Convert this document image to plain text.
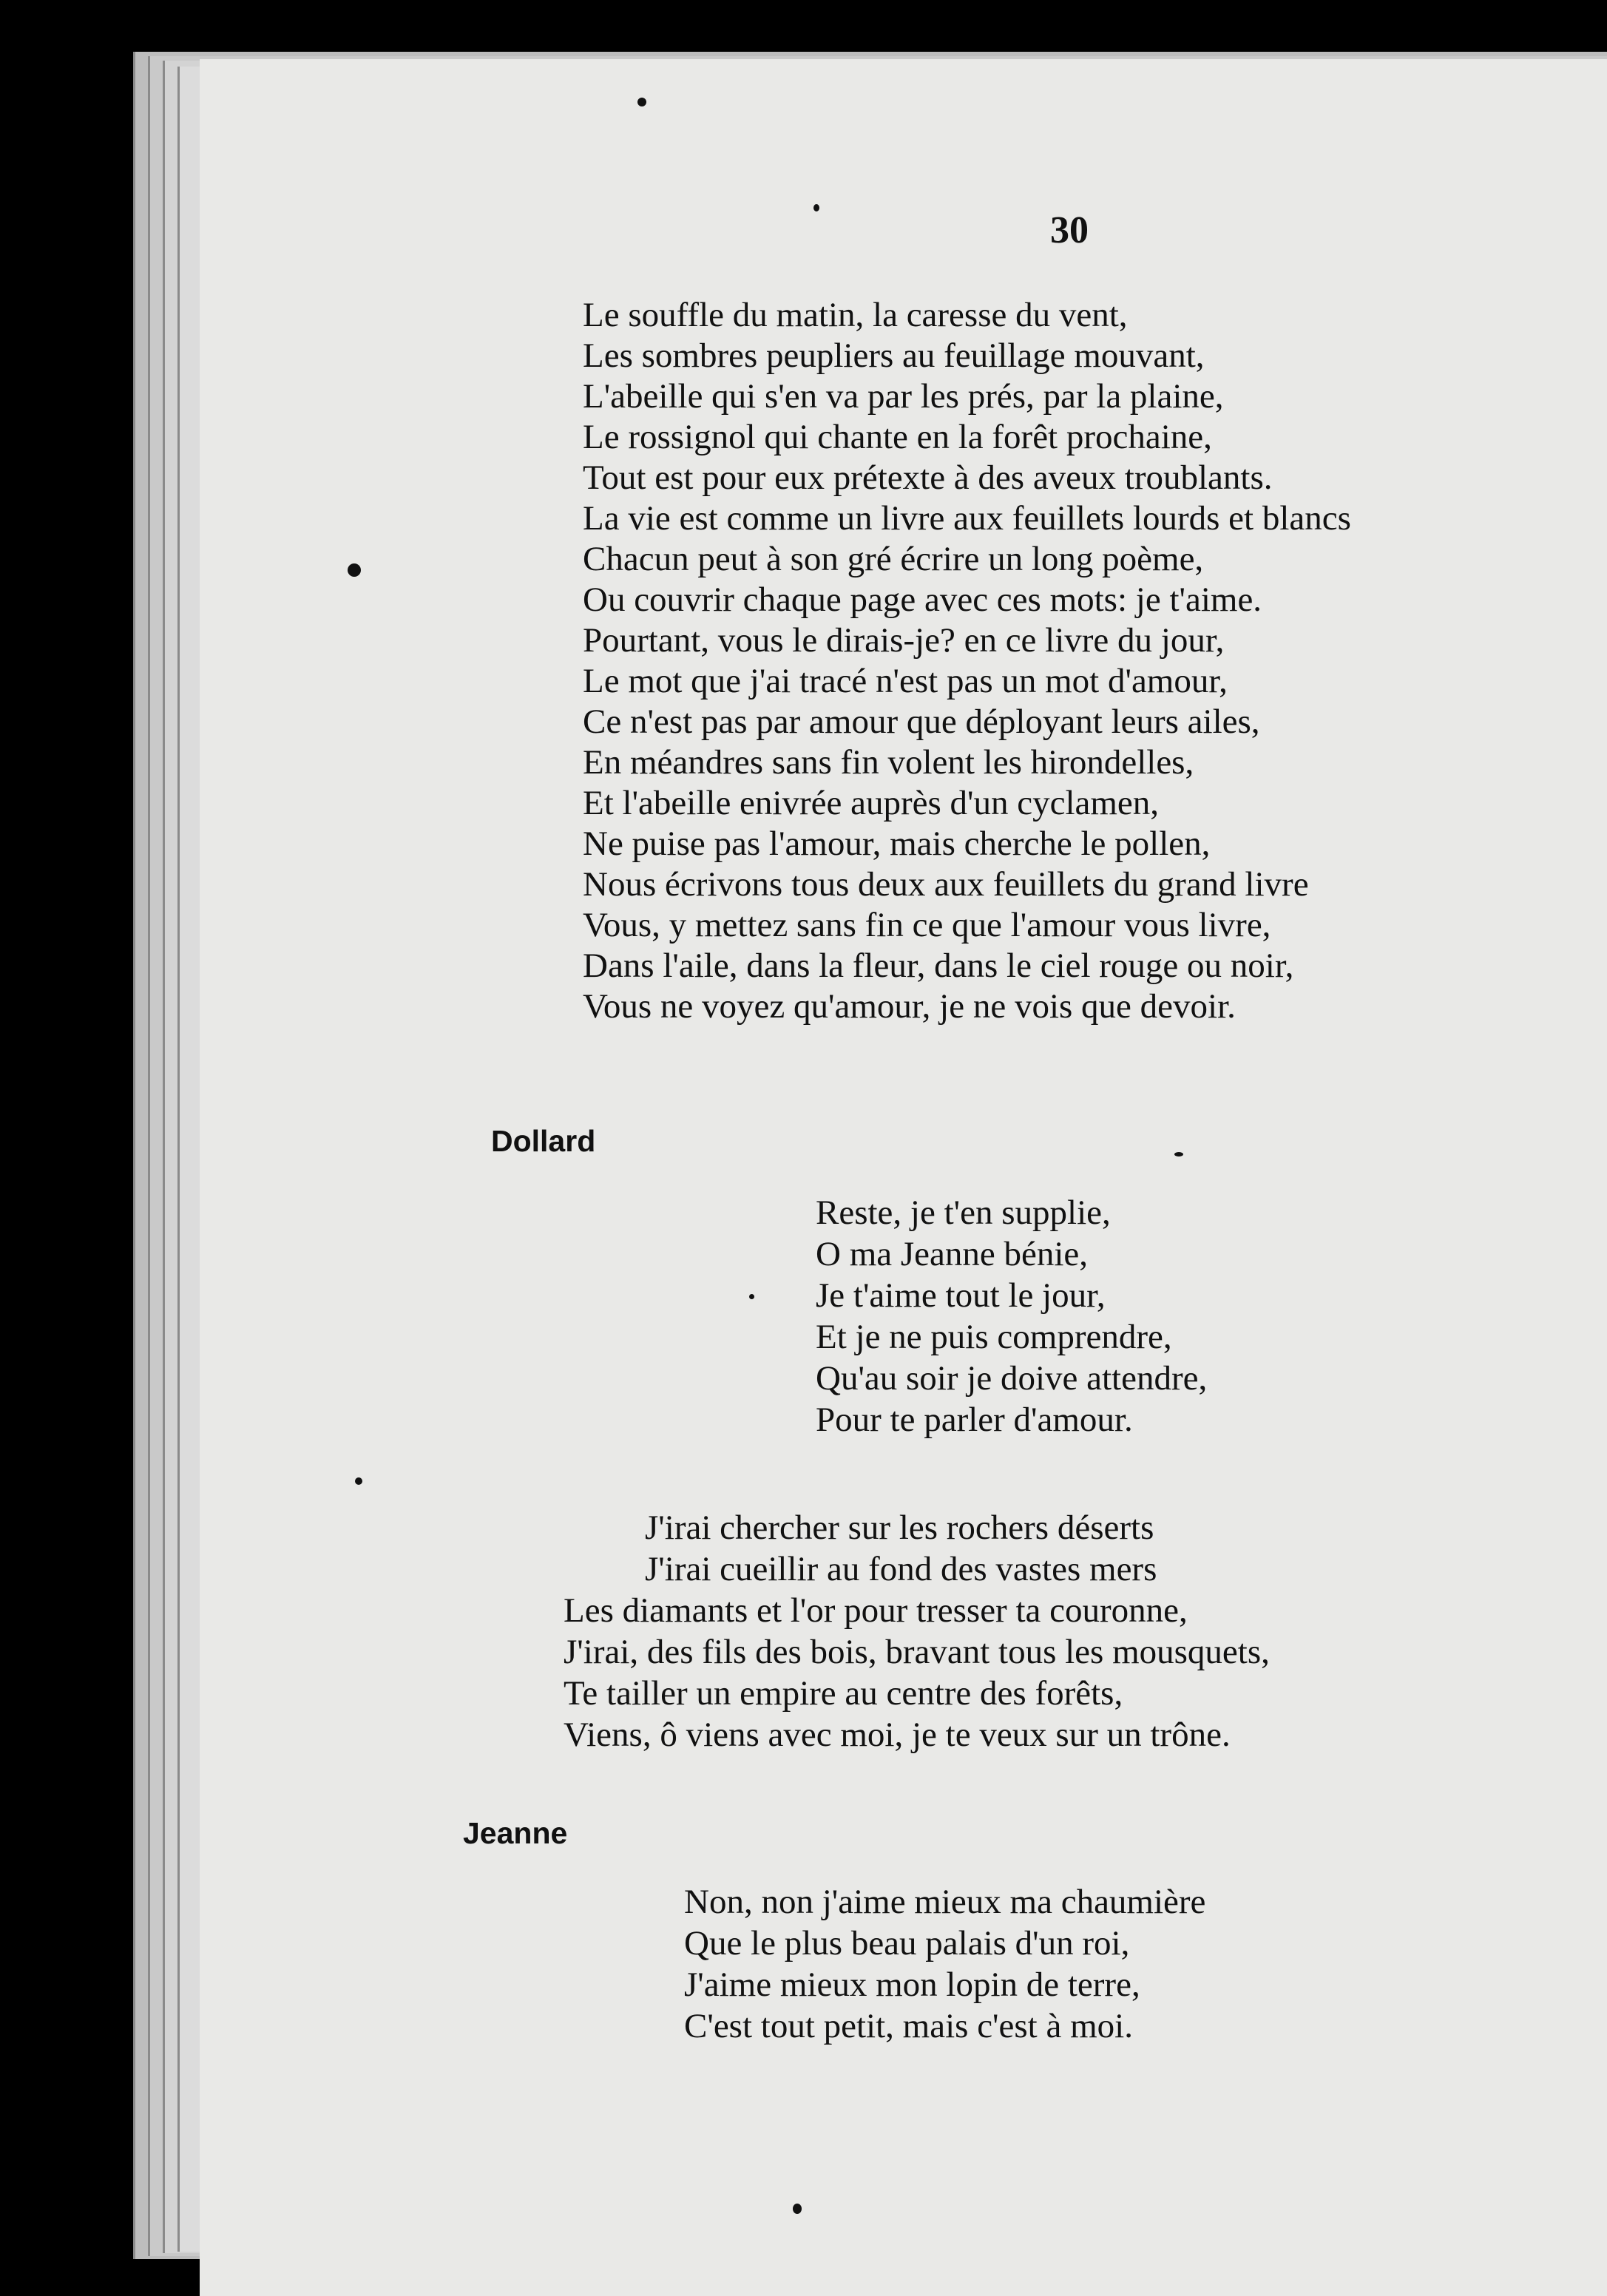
30
Le souffle du matin, la caresse du vent,
Les sombres peupliers au feuillage mouvant,
L'abeille qui s'en va par les prés, par la plaine,
Le rossignol qui chante en la forêt prochaine,
Tout est pour eux prétexte à des aveux troublants.
La vie est comme un livre aux feuillets lourds et blancs
Chacun peut à son gré écrire un long poème,
Ou couvrir chaque page avec ces mots: je t'aime.
Pourtant, vous le dirais-je? en ce livre du jour,
Le mot que j'ai tracé n'est pas un mot d'amour,
Ce n'est pas par amour que déployant leurs ailes,
En méandres sans fin volent les hirondelles,
Et l'abeille enivrée auprès d'un cyclamen,
Ne puise pas l'amour, mais cherche le pollen,
Nous écrivons tous deux aux feuillets du grand livre
Vous, y mettez sans fin ce que l'amour vous livre,
Dans l'aile, dans la fleur, dans le ciel rouge ou noir,
Vous ne voyez qu'amour, je ne vois que devoir.
Dollard
Reste, je t'en supplie,
O ma Jeanne bénie,
Je t'aime tout le jour,
Et je ne puis comprendre,
Qu'au soir je doive attendre,
Pour te parler d'amour.
J'irai chercher sur les rochers déserts
J'irai cueillir au fond des vastes mers
Les diamants et l'or pour tresser ta couronne,
J'irai, des fils des bois, bravant tous les mousquets,
Te tailler un empire au centre des forêts,
Viens, ô viens avec moi, je te veux sur un trône.
Jeanne
Non, non j'aime mieux ma chaumière
Que le plus beau palais d'un roi,
J'aime mieux mon lopin de terre,
C'est tout petit, mais c'est à moi.
